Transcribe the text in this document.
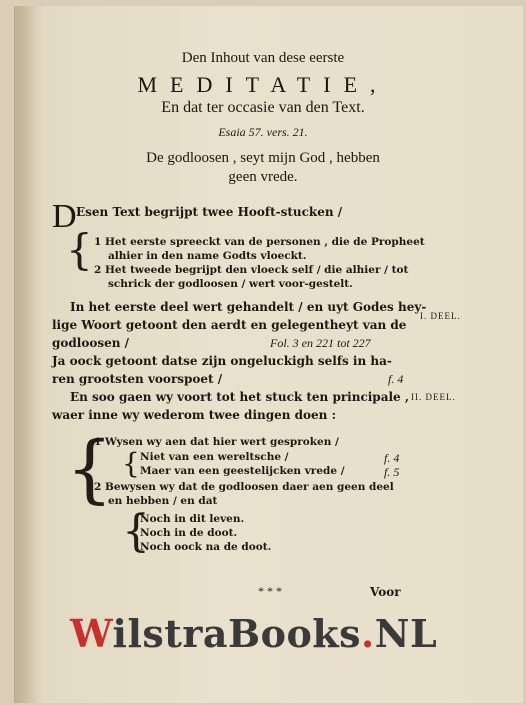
Den Inhout van dese eerste
MEDITATIE,
En dat ter occasie van den Text.
Esaia 57. vers. 21.
De godloosen , seyt mijn God , hebben
geen vrede.
D Esen Text begrijpt twee Hooft-stucken /
{ 1 Het eerste spreeckt van de personen , die de Propheet
alhier in den name Godts vloeckt.
2 Het tweede begrijpt den vloeck self / die alhier / tot
schrick der godloosen / wert voor-gestelt.
In het eerste deel wert gehandelt / en uyt Godes hey-
I. DEEL.
lige Woort getoont den aerdt en gelegentheyt van de
godloosen /	Fol. 3 en 221 tot 227
Ja oock getoont datse zijn ongeluckigh selfs in ha-
ren grootsten voorspoet /	f. 4
En soo gaen wy voort tot het stuck ten principale , II. DEEL.
waer inne wy wederom twee dingen doen :
{
1 Wysen wy aen dat hier wert gesproken /
{ Niet van een wereltsche /	f. 4
Maer van een geestelijcken vrede /	f. 5
2 Bewysen wy dat de godloosen daer aen geen deel
en hebben / en dat
{
Noch in dit leven.
Noch in de doot.
Noch oock na de doot.
***	Voor
WilstraBooks.NL
